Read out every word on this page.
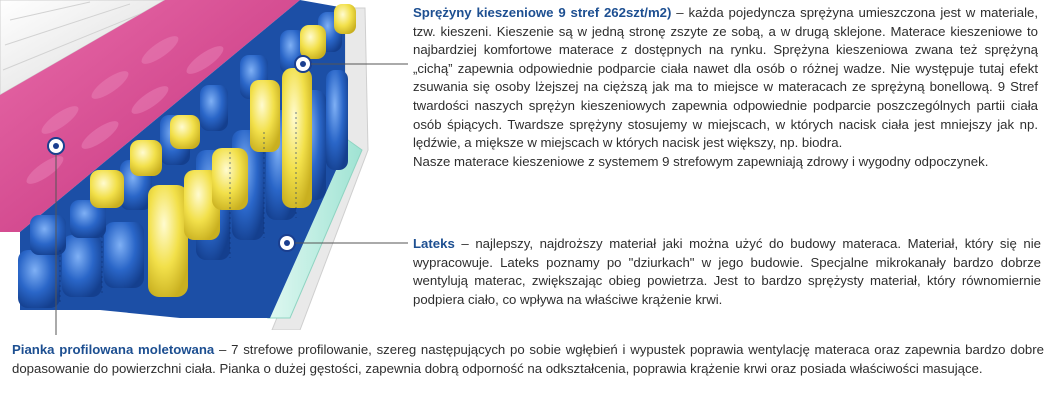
Sprężyny kieszeniowe 9 stref 262szt/m2) – każda pojedyncza sprężyna umieszczona jest w materiale, tzw. kieszeni. Kieszenie są w jedną stronę zszyte ze sobą, a w drugą sklejone. Materace kieszeniowe to najbardziej komfortowe materace z dostępnych na rynku. Sprężyna kieszeniowa zwana też sprężyną „cichą” zapewnia odpowiednie podparcie ciała nawet dla osób o różnej wadze. Nie występuje tutaj efekt zsuwania się osoby lżejszej na cięższą jak ma to miejsce w materacach ze sprężyną bonellową. 9 Stref twardości naszych sprężyn kieszeniowych zapewnia odpowiednie podparcie poszczególnych partii ciała osób śpiących. Twardsze sprężyny stosujemy w miejscach, w których nacisk ciała jest mniejszy jak np. lędźwie, a miększe w miejscach w których nacisk jest większy, np. biodra.
Nasze materace kieszeniowe z systemem 9 strefowym zapewniają zdrowy i wygodny odpoczynek.
Lateks – najlepszy, najdroższy materiał jaki można użyć do budowy materaca. Materiał, który się nie wypracowuje. Lateks poznamy po "dziurkach" w jego budowie. Specjalne mikrokanały bardzo dobrze wentylują materac, zwiększając obieg powietrza. Jest to bardzo sprężysty materiał, który równomiernie podpiera ciało, co wpływa na właściwe krążenie krwi.
Pianka profilowana moletowana – 7 strefowe profilowanie, szereg następujących po sobie wgłębień i wypustek poprawia wentylację materaca oraz zapewnia bardzo dobre dopasowanie do powierzchni ciała. Pianka o dużej gęstości, zapewnia dobrą odporność na odkształcenia, poprawia krążenie krwi oraz posiada właściwości masujące.
